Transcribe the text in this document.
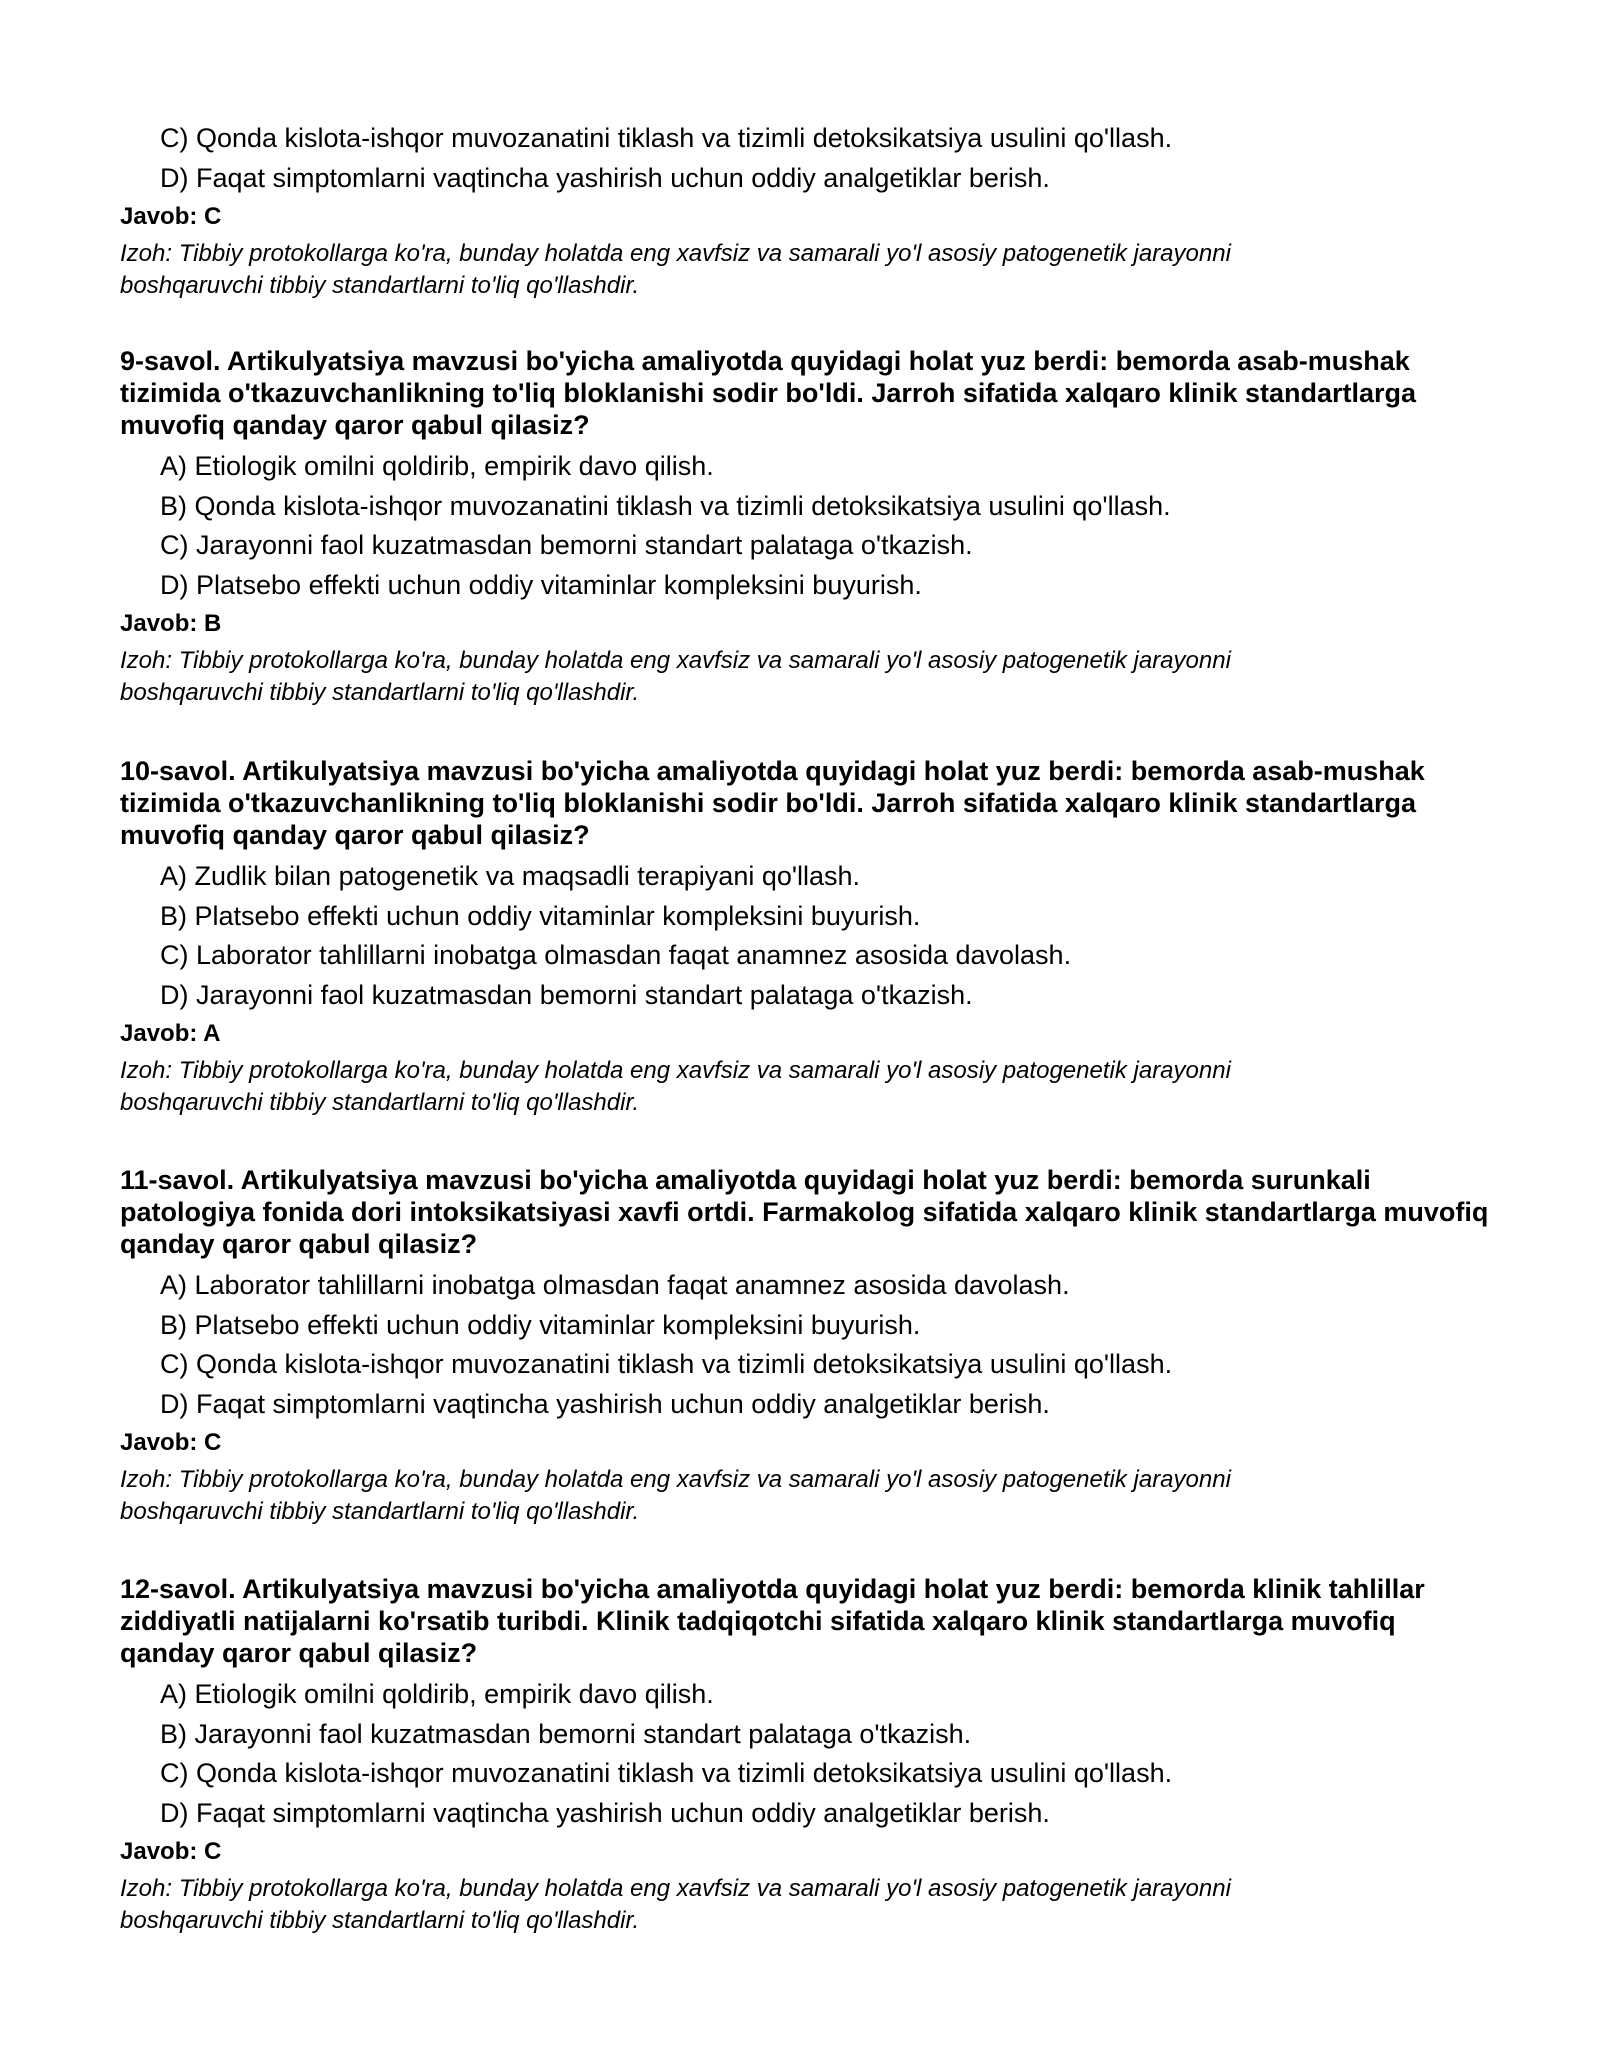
C) Qonda kislota-ishqor muvozanatini tiklash va tizimli detoksikatsiya usulini qo'llash.

D) Faqat simptomlarni vaqtincha yashirish uchun oddiy analgetiklar berish.

Javob: C

Izoh: Tibbiy protokollarga ko'ra, bunday holatda eng xavfsiz va samarali yo'l asosiy patogenetik jarayonni boshqaruvchi tibbiy standartlarni to'liq qo'llashdir.

9-savol. Artikulyatsiya mavzusi bo'yicha amaliyotda quyidagi holat yuz berdi: bemorda asab-mushak tizimida o'tkazuvchanlikning to'liq bloklanishi sodir bo'ldi. Jarroh sifatida xalqaro klinik standartlarga muvofiq qanday qaror qabul qilasiz?

A) Etiologik omilni qoldirib, empirik davo qilish.

B) Qonda kislota-ishqor muvozanatini tiklash va tizimli detoksikatsiya usulini qo'llash.

C) Jarayonni faol kuzatmasdan bemorni standart palataga o'tkazish.

D) Platsebo effekti uchun oddiy vitaminlar kompleksini buyurish.

Javob: B

Izoh: Tibbiy protokollarga ko'ra, bunday holatda eng xavfsiz va samarali yo'l asosiy patogenetik jarayonni boshqaruvchi tibbiy standartlarni to'liq qo'llashdir.

10-savol. Artikulyatsiya mavzusi bo'yicha amaliyotda quyidagi holat yuz berdi: bemorda asab-mushak tizimida o'tkazuvchanlikning to'liq bloklanishi sodir bo'ldi. Jarroh sifatida xalqaro klinik standartlarga muvofiq qanday qaror qabul qilasiz?

A) Zudlik bilan patogenetik va maqsadli terapiyani qo'llash.

B) Platsebo effekti uchun oddiy vitaminlar kompleksini buyurish.

C) Laborator tahlillarni inobatga olmasdan faqat anamnez asosida davolash.

D) Jarayonni faol kuzatmasdan bemorni standart palataga o'tkazish.

Javob: A

Izoh: Tibbiy protokollarga ko'ra, bunday holatda eng xavfsiz va samarali yo'l asosiy patogenetik jarayonni boshqaruvchi tibbiy standartlarni to'liq qo'llashdir.

11-savol. Artikulyatsiya mavzusi bo'yicha amaliyotda quyidagi holat yuz berdi: bemorda surunkali patologiya fonida dori intoksikatsiyasi xavfi ortdi. Farmakolog sifatida xalqaro klinik standartlarga muvofiq qanday qaror qabul qilasiz?

A) Laborator tahlillarni inobatga olmasdan faqat anamnez asosida davolash.

B) Platsebo effekti uchun oddiy vitaminlar kompleksini buyurish.

C) Qonda kislota-ishqor muvozanatini tiklash va tizimli detoksikatsiya usulini qo'llash.

D) Faqat simptomlarni vaqtincha yashirish uchun oddiy analgetiklar berish.

Javob: C

Izoh: Tibbiy protokollarga ko'ra, bunday holatda eng xavfsiz va samarali yo'l asosiy patogenetik jarayonni boshqaruvchi tibbiy standartlarni to'liq qo'llashdir.

12-savol. Artikulyatsiya mavzusi bo'yicha amaliyotda quyidagi holat yuz berdi: bemorda klinik tahlillar ziddiyatli natijalarni ko'rsatib turibdi. Klinik tadqiqotchi sifatida xalqaro klinik standartlarga muvofiq qanday qaror qabul qilasiz?

A) Etiologik omilni qoldirib, empirik davo qilish.

B) Jarayonni faol kuzatmasdan bemorni standart palataga o'tkazish.

C) Qonda kislota-ishqor muvozanatini tiklash va tizimli detoksikatsiya usulini qo'llash.

D) Faqat simptomlarni vaqtincha yashirish uchun oddiy analgetiklar berish.

Javob: C

Izoh: Tibbiy protokollarga ko'ra, bunday holatda eng xavfsiz va samarali yo'l asosiy patogenetik jarayonni boshqaruvchi tibbiy standartlarni to'liq qo'llashdir.
